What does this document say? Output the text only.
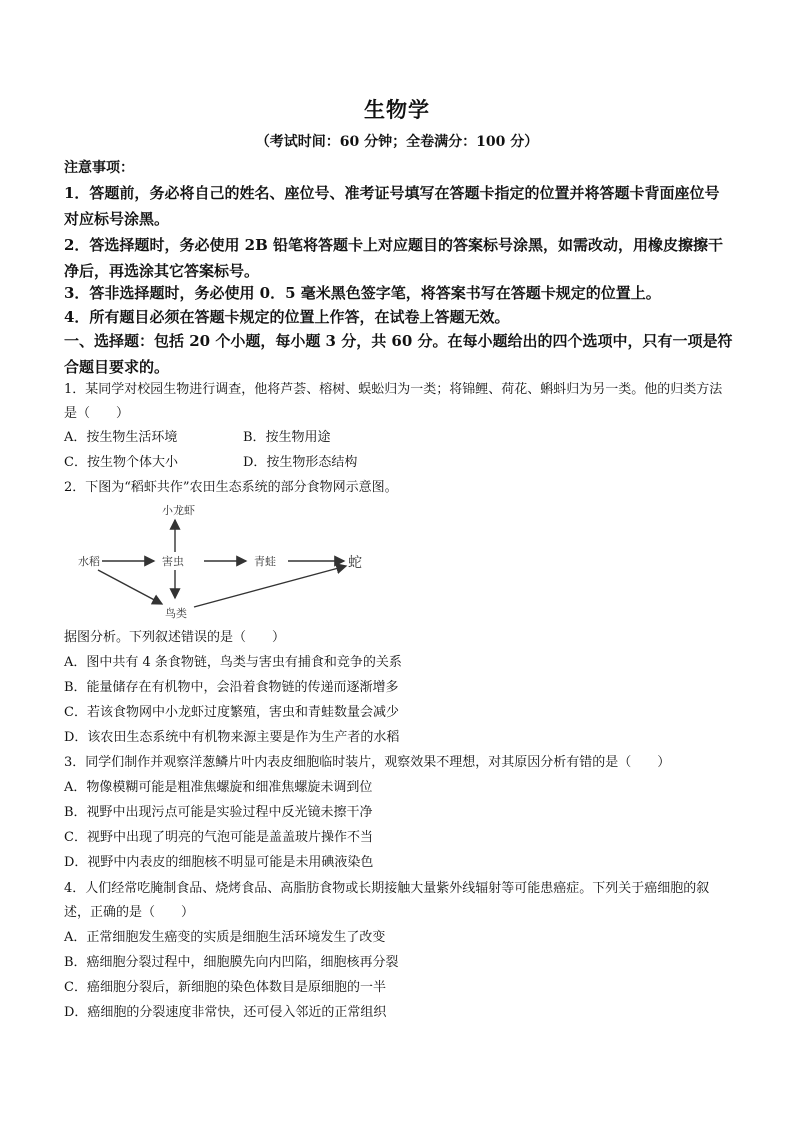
生物学
（考试时间：60 分钟；全卷满分：100 分）
注意事项：
1．答题前，务必将自己的姓名、座位号、准考证号填写在答题卡指定的位置并将答题卡背面座位号对应标号涂黑。
2．答选择题时，务必使用 2B 铅笔将答题卡上对应题目的答案标号涂黑，如需改动，用橡皮擦擦干净后，再选涂其它答案标号。
3．答非选择题时，务必使用 0．5 毫米黑色签字笔，将答案书写在答题卡规定的位置上。
4．所有题目必须在答题卡规定的位置上作答，在试卷上答题无效。
一、选择题：包括 20 个小题，每小题 3 分，共 60 分。在每小题给出的四个选项中，只有一项是符合题目要求的。
1．某同学对校园生物进行调查，他将芦荟、榕树、蜈蚣归为一类；将锦鲤、荷花、蝌蚪归为另一类。他的归类方法是（　　）
A．按生物生活环境	B．按生物用途
C．按生物个体大小	D．按生物形态结构
2．下图为“稻虾共作”农田生态系统的部分食物网示意图。
小龙虾
水稻	害虫	青蛙	蛇
鸟类
据图分析。下列叙述错误的是（　　）
A．图中共有 4 条食物链，鸟类与害虫有捕食和竞争的关系
B．能量储存在有机物中，会沿着食物链的传递而逐渐增多
C．若该食物网中小龙虾过度繁殖，害虫和青蛙数量会减少
D．该农田生态系统中有机物来源主要是作为生产者的水稻
3．同学们制作并观察洋葱鳞片叶内表皮细胞临时装片，观察效果不理想，对其原因分析有错的是（　　）
A．物像模糊可能是粗准焦螺旋和细准焦螺旋未调到位
B．视野中出现污点可能是实验过程中反光镜未擦干净
C．视野中出现了明亮的气泡可能是盖盖玻片操作不当
D．视野中内表皮的细胞核不明显可能是未用碘液染色
4．人们经常吃腌制食品、烧烤食品、高脂肪食物或长期接触大量紫外线辐射等可能患癌症。下列关于癌细胞的叙述，正确的是（　　）
A．正常细胞发生癌变的实质是细胞生活环境发生了改变
B．癌细胞分裂过程中，细胞膜先向内凹陷，细胞核再分裂
C．癌细胞分裂后，新细胞的染色体数目是原细胞的一半
D．癌细胞的分裂速度非常快，还可侵入邻近的正常组织
